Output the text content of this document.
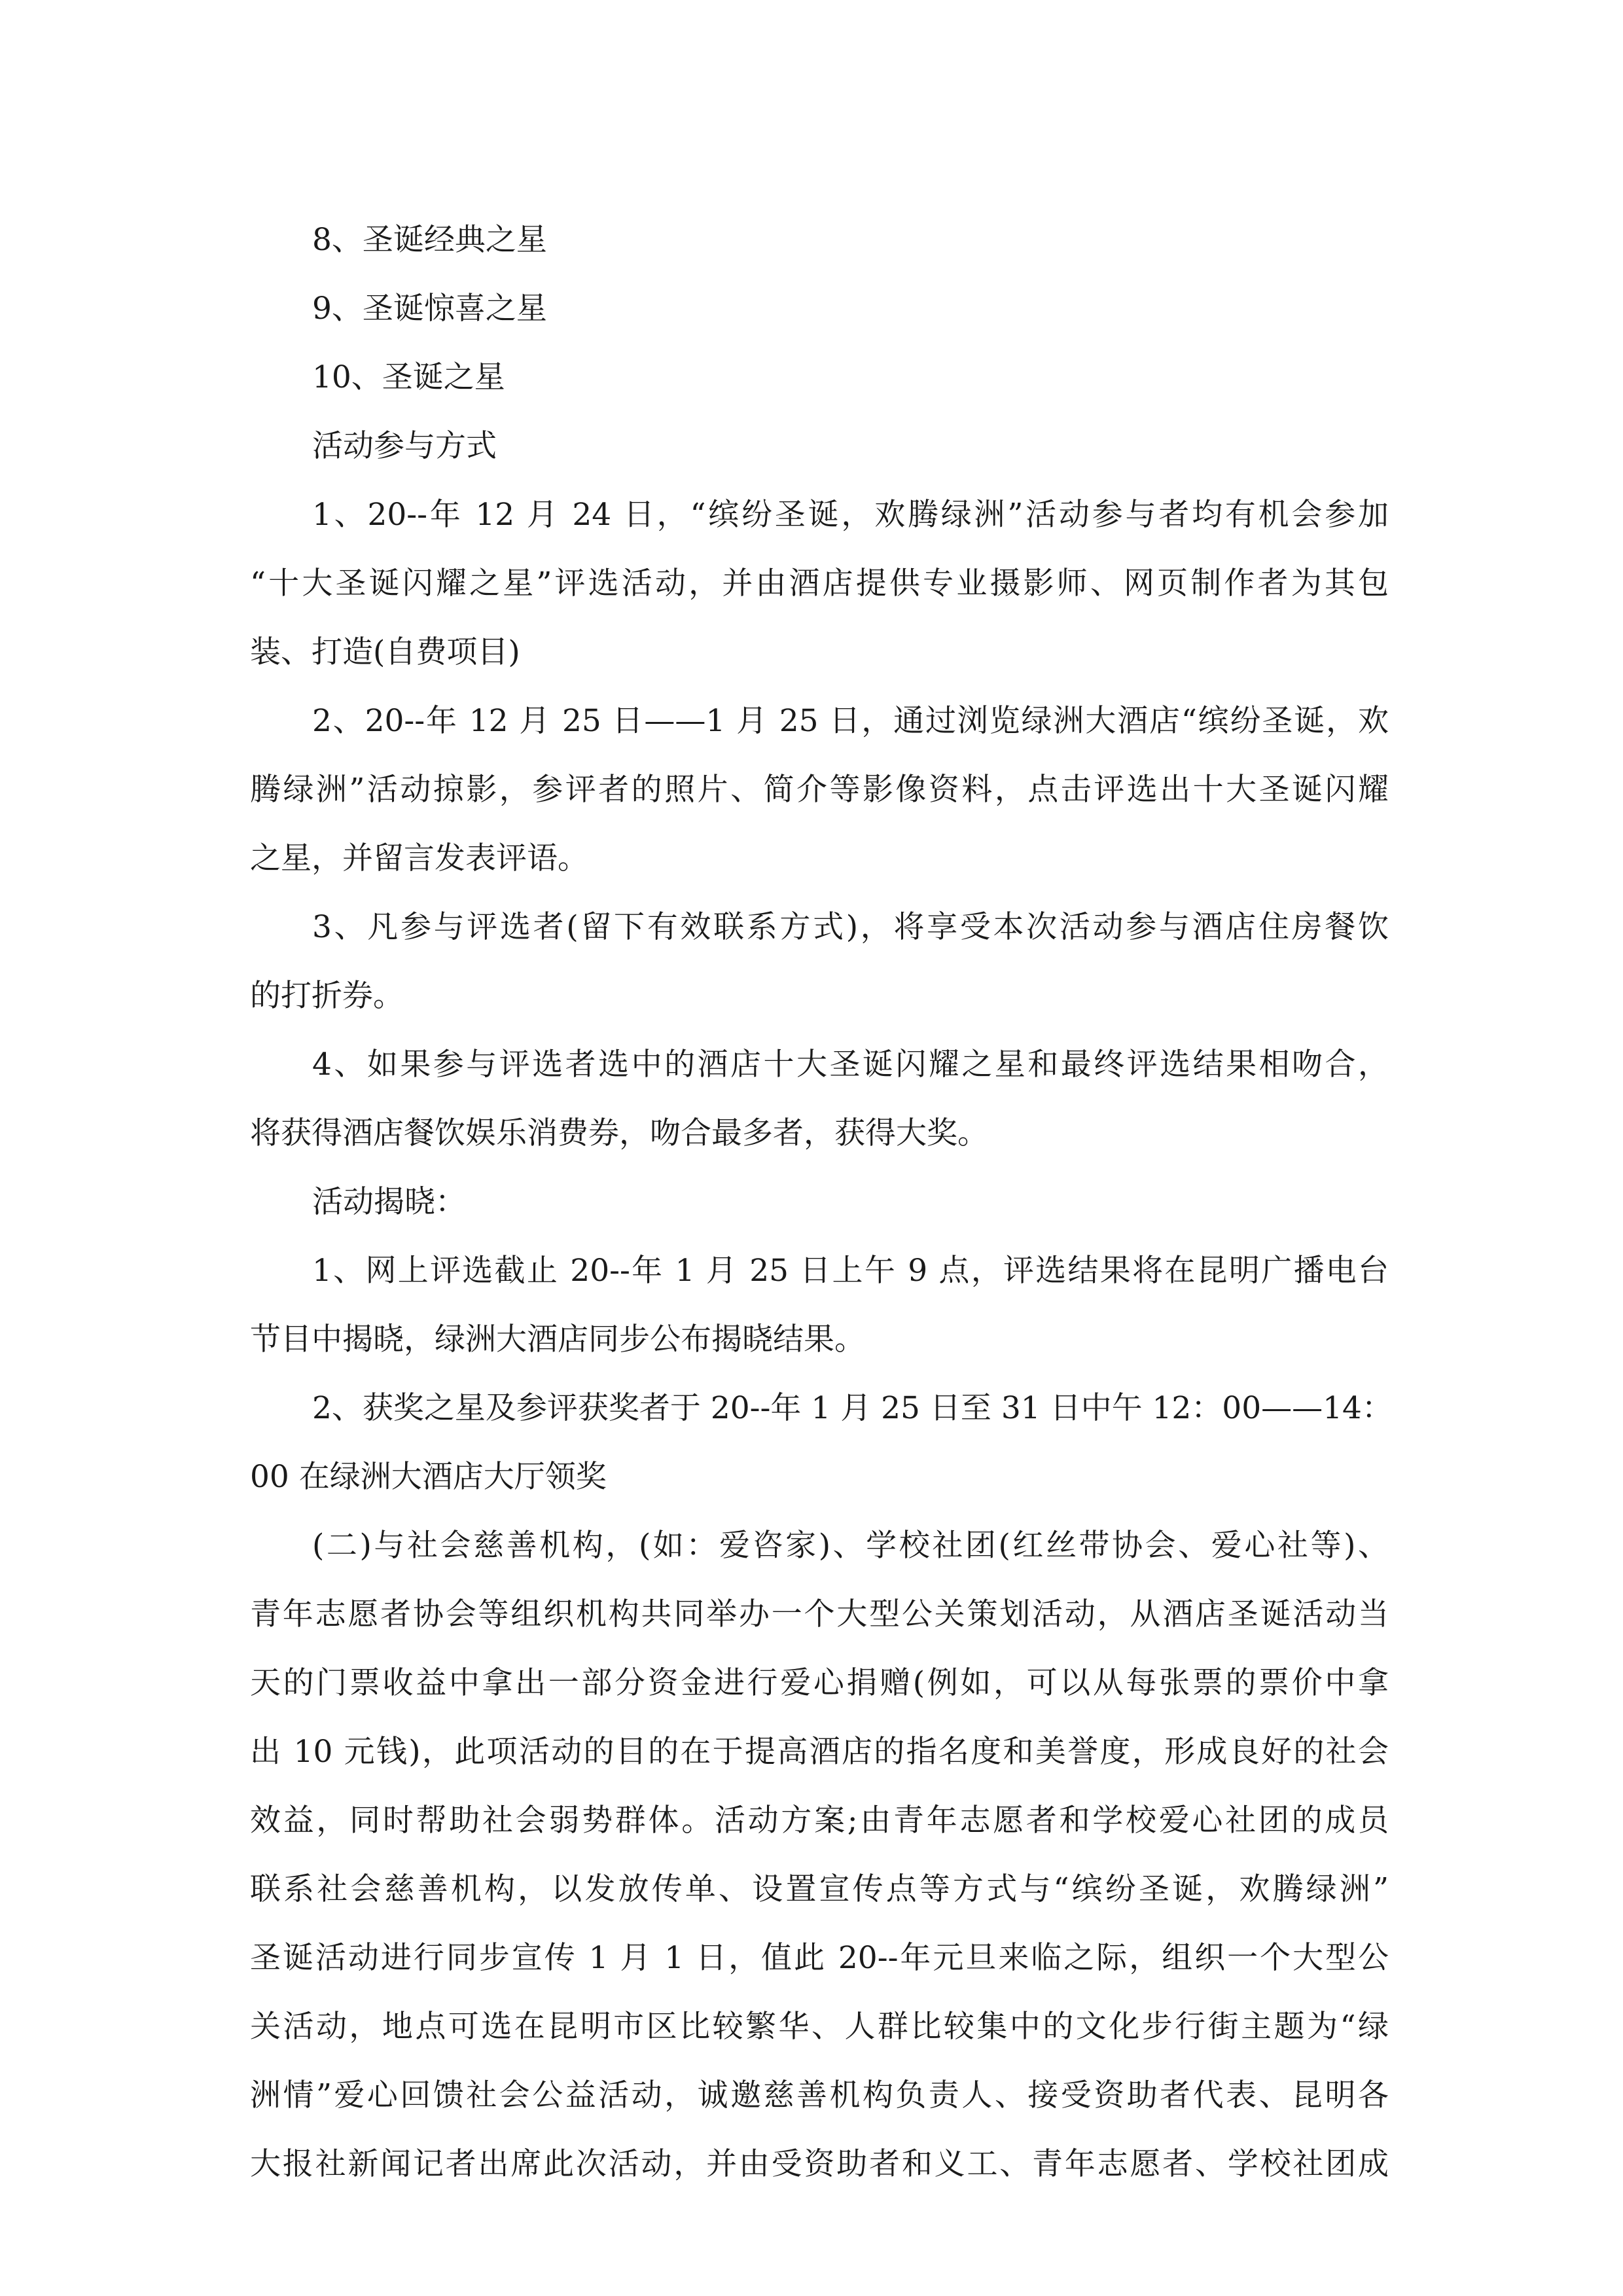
8、圣诞经典之星

9、圣诞惊喜之星

10、圣诞之星

活动参与方式

1、20--年 12 月 24 日，“缤纷圣诞，欢腾绿洲”活动参与者均有机会参加
“十大圣诞闪耀之星”评选活动，并由酒店提供专业摄影师、网页制作者为其包
装、打造(自费项目)

2、20--年 12 月 25 日——1 月 25 日，通过浏览绿洲大酒店“缤纷圣诞，欢
腾绿洲”活动掠影，参评者的照片、简介等影像资料，点击评选出十大圣诞闪耀
之星，并留言发表评语。

3、凡参与评选者(留下有效联系方式)，将享受本次活动参与酒店住房餐饮
的打折券。

4、如果参与评选者选中的酒店十大圣诞闪耀之星和最终评选结果相吻合，
将获得酒店餐饮娱乐消费券，吻合最多者，获得大奖。

活动揭晓：

1、网上评选截止 20--年 1 月 25 日上午 9 点，评选结果将在昆明广播电台
节目中揭晓，绿洲大酒店同步公布揭晓结果。

2、获奖之星及参评获奖者于 20--年 1 月 25 日至 31 日中午 12：00——14：
00 在绿洲大酒店大厅领奖

(二)与社会慈善机构，(如：爱咨家)、学校社团(红丝带协会、爱心社等)、
青年志愿者协会等组织机构共同举办一个大型公关策划活动，从酒店圣诞活动当
天的门票收益中拿出一部分资金进行爱心捐赠(例如，可以从每张票的票价中拿
出 10 元钱)，此项活动的目的在于提高酒店的指名度和美誉度，形成良好的社会
效益，同时帮助社会弱势群体。活动方案;由青年志愿者和学校爱心社团的成员
联系社会慈善机构，以发放传单、设置宣传点等方式与“缤纷圣诞，欢腾绿洲”
圣诞活动进行同步宣传 1 月 1 日，值此 20--年元旦来临之际，组织一个大型公
关活动，地点可选在昆明市区比较繁华、人群比较集中的文化步行街主题为“绿
洲情”爱心回馈社会公益活动，诚邀慈善机构负责人、接受资助者代表、昆明各
大报社新闻记者出席此次活动，并由受资助者和义工、青年志愿者、学校社团成
